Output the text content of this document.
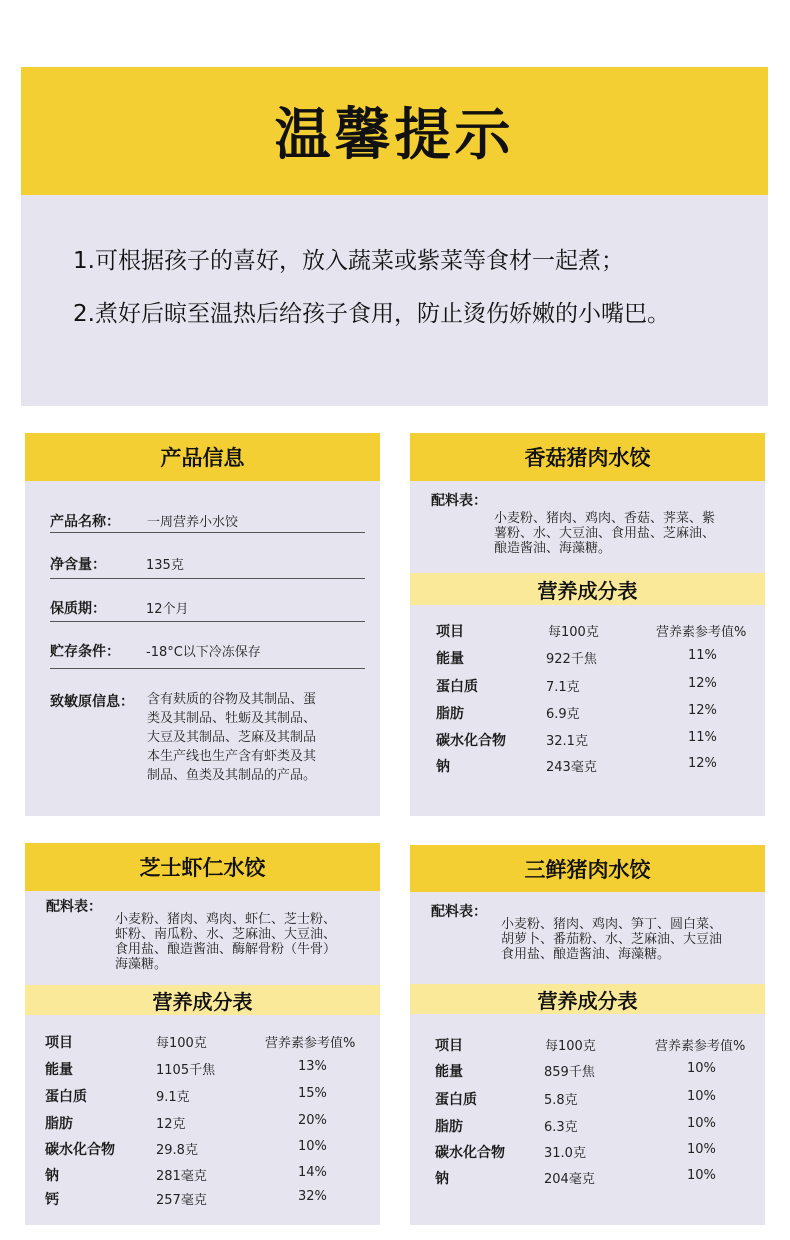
温馨提示

1.可根据孩子的喜好，放入蔬菜或紫菜等食材一起煮；

2.煮好后晾至温热后给孩子食用，防止烫伤娇嫩的小嘴巴。

产品信息
产品名称： 一周营养小水饺
净含量：	135克
保质期：	12个月
贮存条件： -18°C以下冷冻保存
致敏原信息： 含有麸质的谷物及其制品、蛋
类及其制品、牡蛎及其制品、
大豆及其制品、芝麻及其制品
本生产线也生产含有虾类及其
制品、鱼类及其制品的产品。
香菇猪肉水饺
配料表：
小麦粉、猪肉、鸡肉、香菇、荠菜、紫
薯粉、水、大豆油、食用盐、芝麻油、
酿造酱油、海藻糖。
营养成分表
项目	每100克	营养素参考值%
能量	922千焦	11%
蛋白质	7.1克	12%
脂肪	6.9克	12%
碳水化合物	32.1克	11%
钠	243毫克	12%
芝士虾仁水饺
配料表：
小麦粉、猪肉、鸡肉、虾仁、芝士粉、
虾粉、南瓜粉、水、芝麻油、大豆油、
食用盐、酿造酱油、酶解骨粉（牛骨）
海藻糖。
营养成分表
项目	每100克	营养素参考值%
能量	1105千焦	13%
蛋白质	9.1克	15%
脂肪	12克	20%
碳水化合物	29.8克	10%
钠	281毫克	14%
钙	257毫克	32%
三鲜猪肉水饺
配料表：
小麦粉、猪肉、鸡肉、笋丁、圆白菜、
胡萝卜、番茄粉、水、芝麻油、大豆油
食用盐、酿造酱油、海藻糖。
营养成分表
项目	每100克	营养素参考值%
能量	859千焦	10%
蛋白质	5.8克	10%
脂肪	6.3克	10%
碳水化合物	31.0克	10%
钠	204毫克	10%
